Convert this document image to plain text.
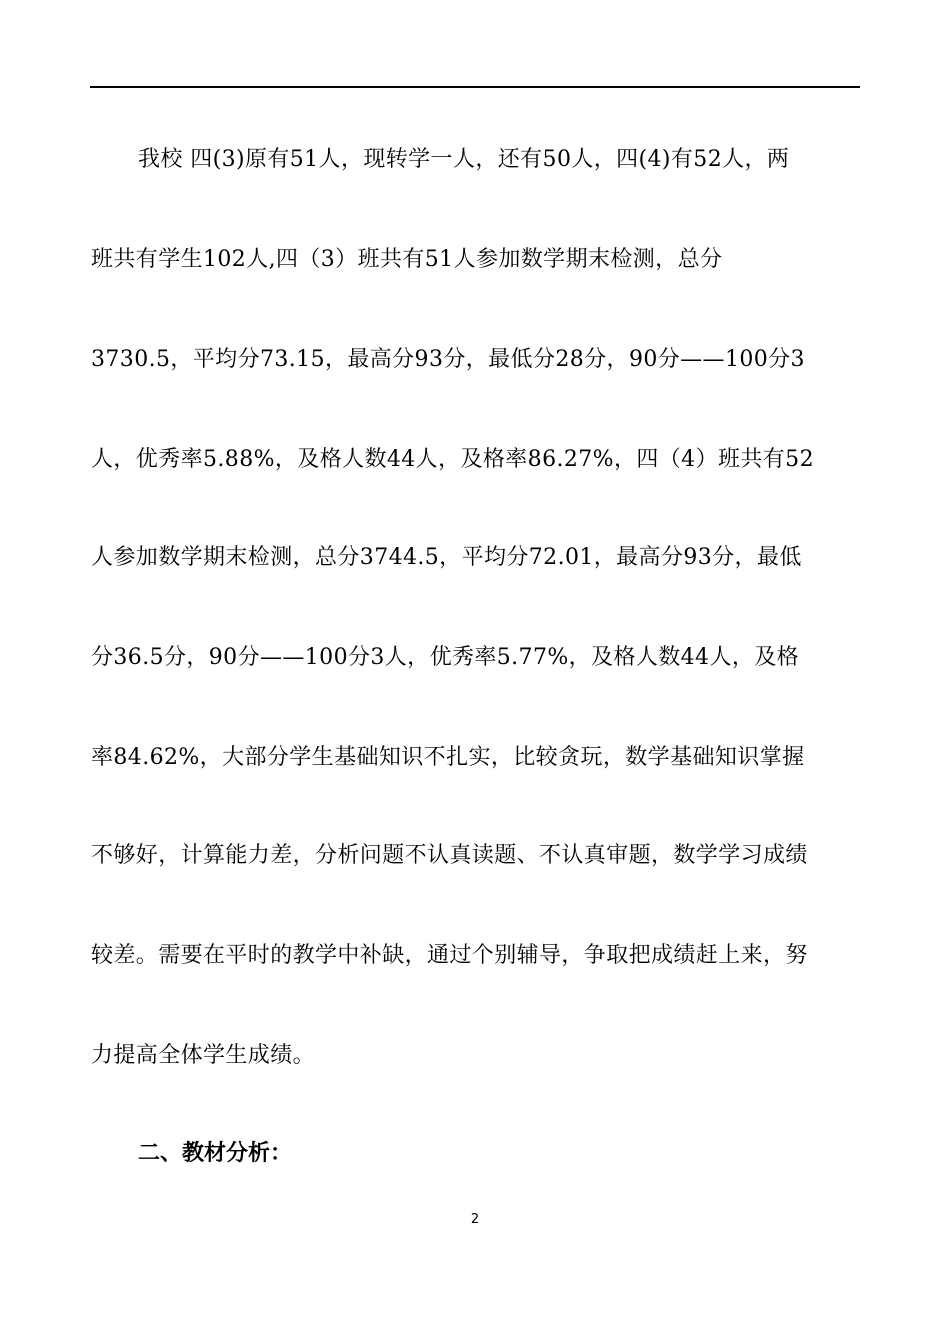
我校 四(3)原有51人，现转学一人，还有50人，四(4)有52人，两
班共有学生102人,四（3）班共有51人参加数学期末检测，总分
3730.5，平均分73.15，最高分93分，最低分28分，90分——100分3
人，优秀率5.88%，及格人数44人，及格率86.27%，四（4）班共有52
人参加数学期末检测，总分3744.5，平均分72.01，最高分93分，最低
分36.5分，90分——100分3人，优秀率5.77%，及格人数44人，及格
率84.62%，大部分学生基础知识不扎实，比较贪玩，数学基础知识掌握
不够好，计算能力差，分析问题不认真读题、不认真审题，数学学习成绩
较差。需要在平时的教学中补缺，通过个别辅导，争取把成绩赶上来，努
力提高全体学生成绩。
二、教材分析：
2
